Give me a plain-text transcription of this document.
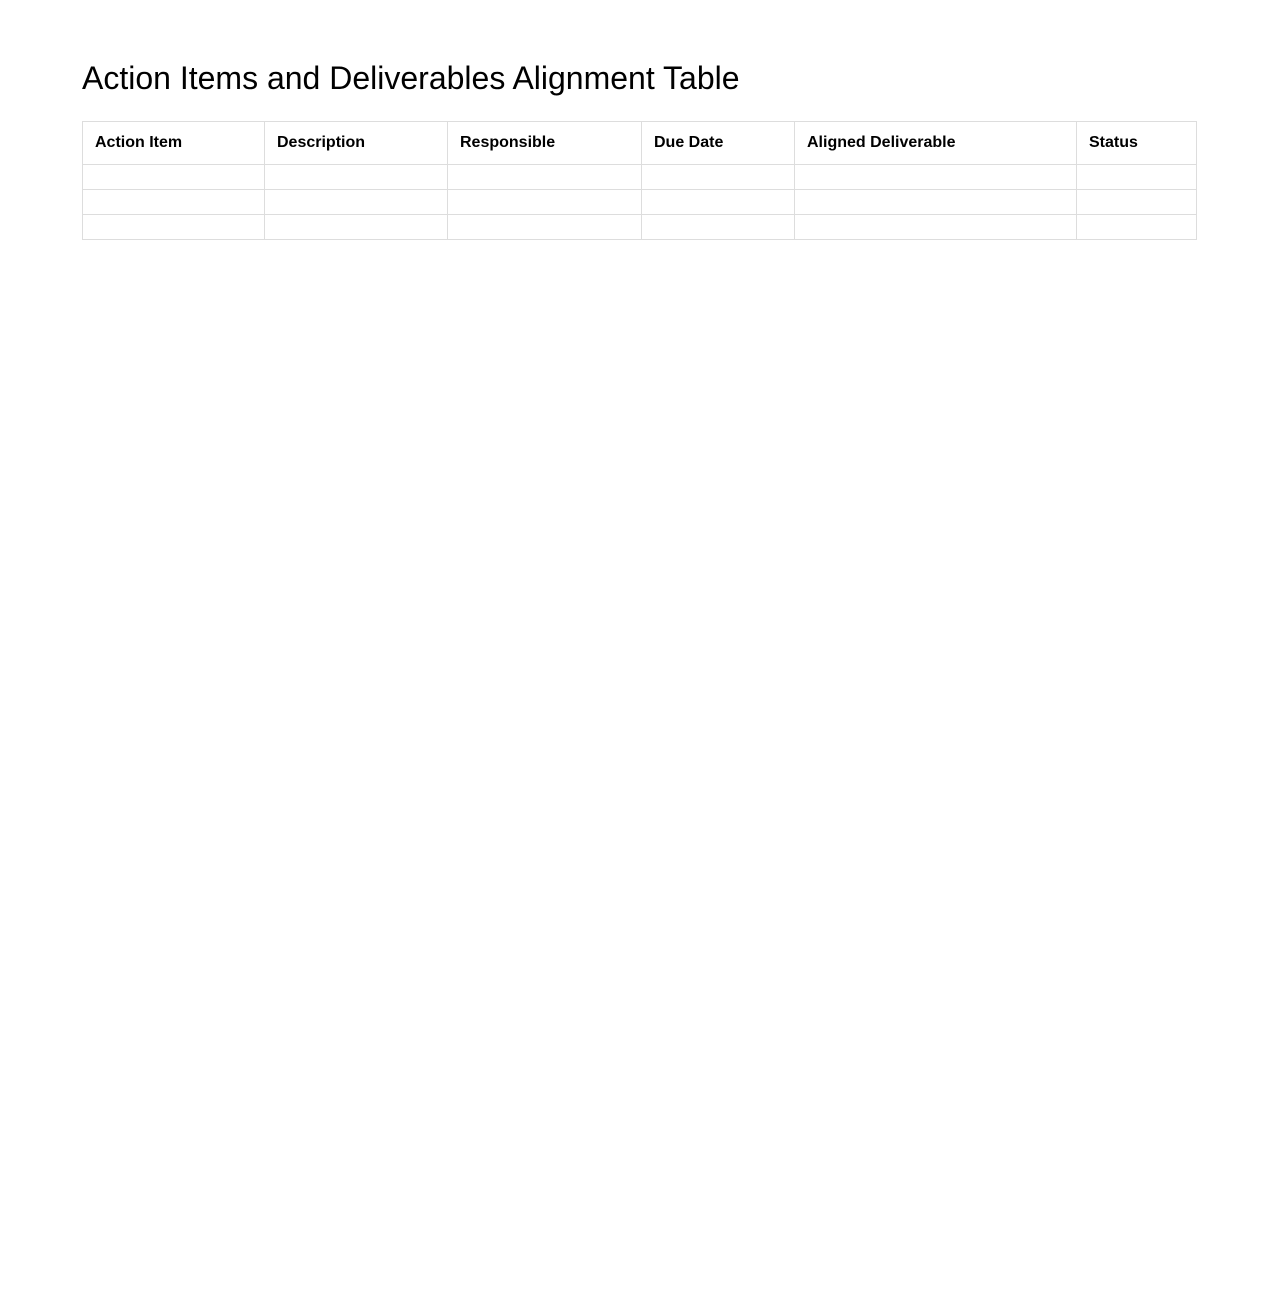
Action Items and Deliverables Alignment Table
Action Item	Description	Responsible	Due Date	Aligned Deliverable	Status
